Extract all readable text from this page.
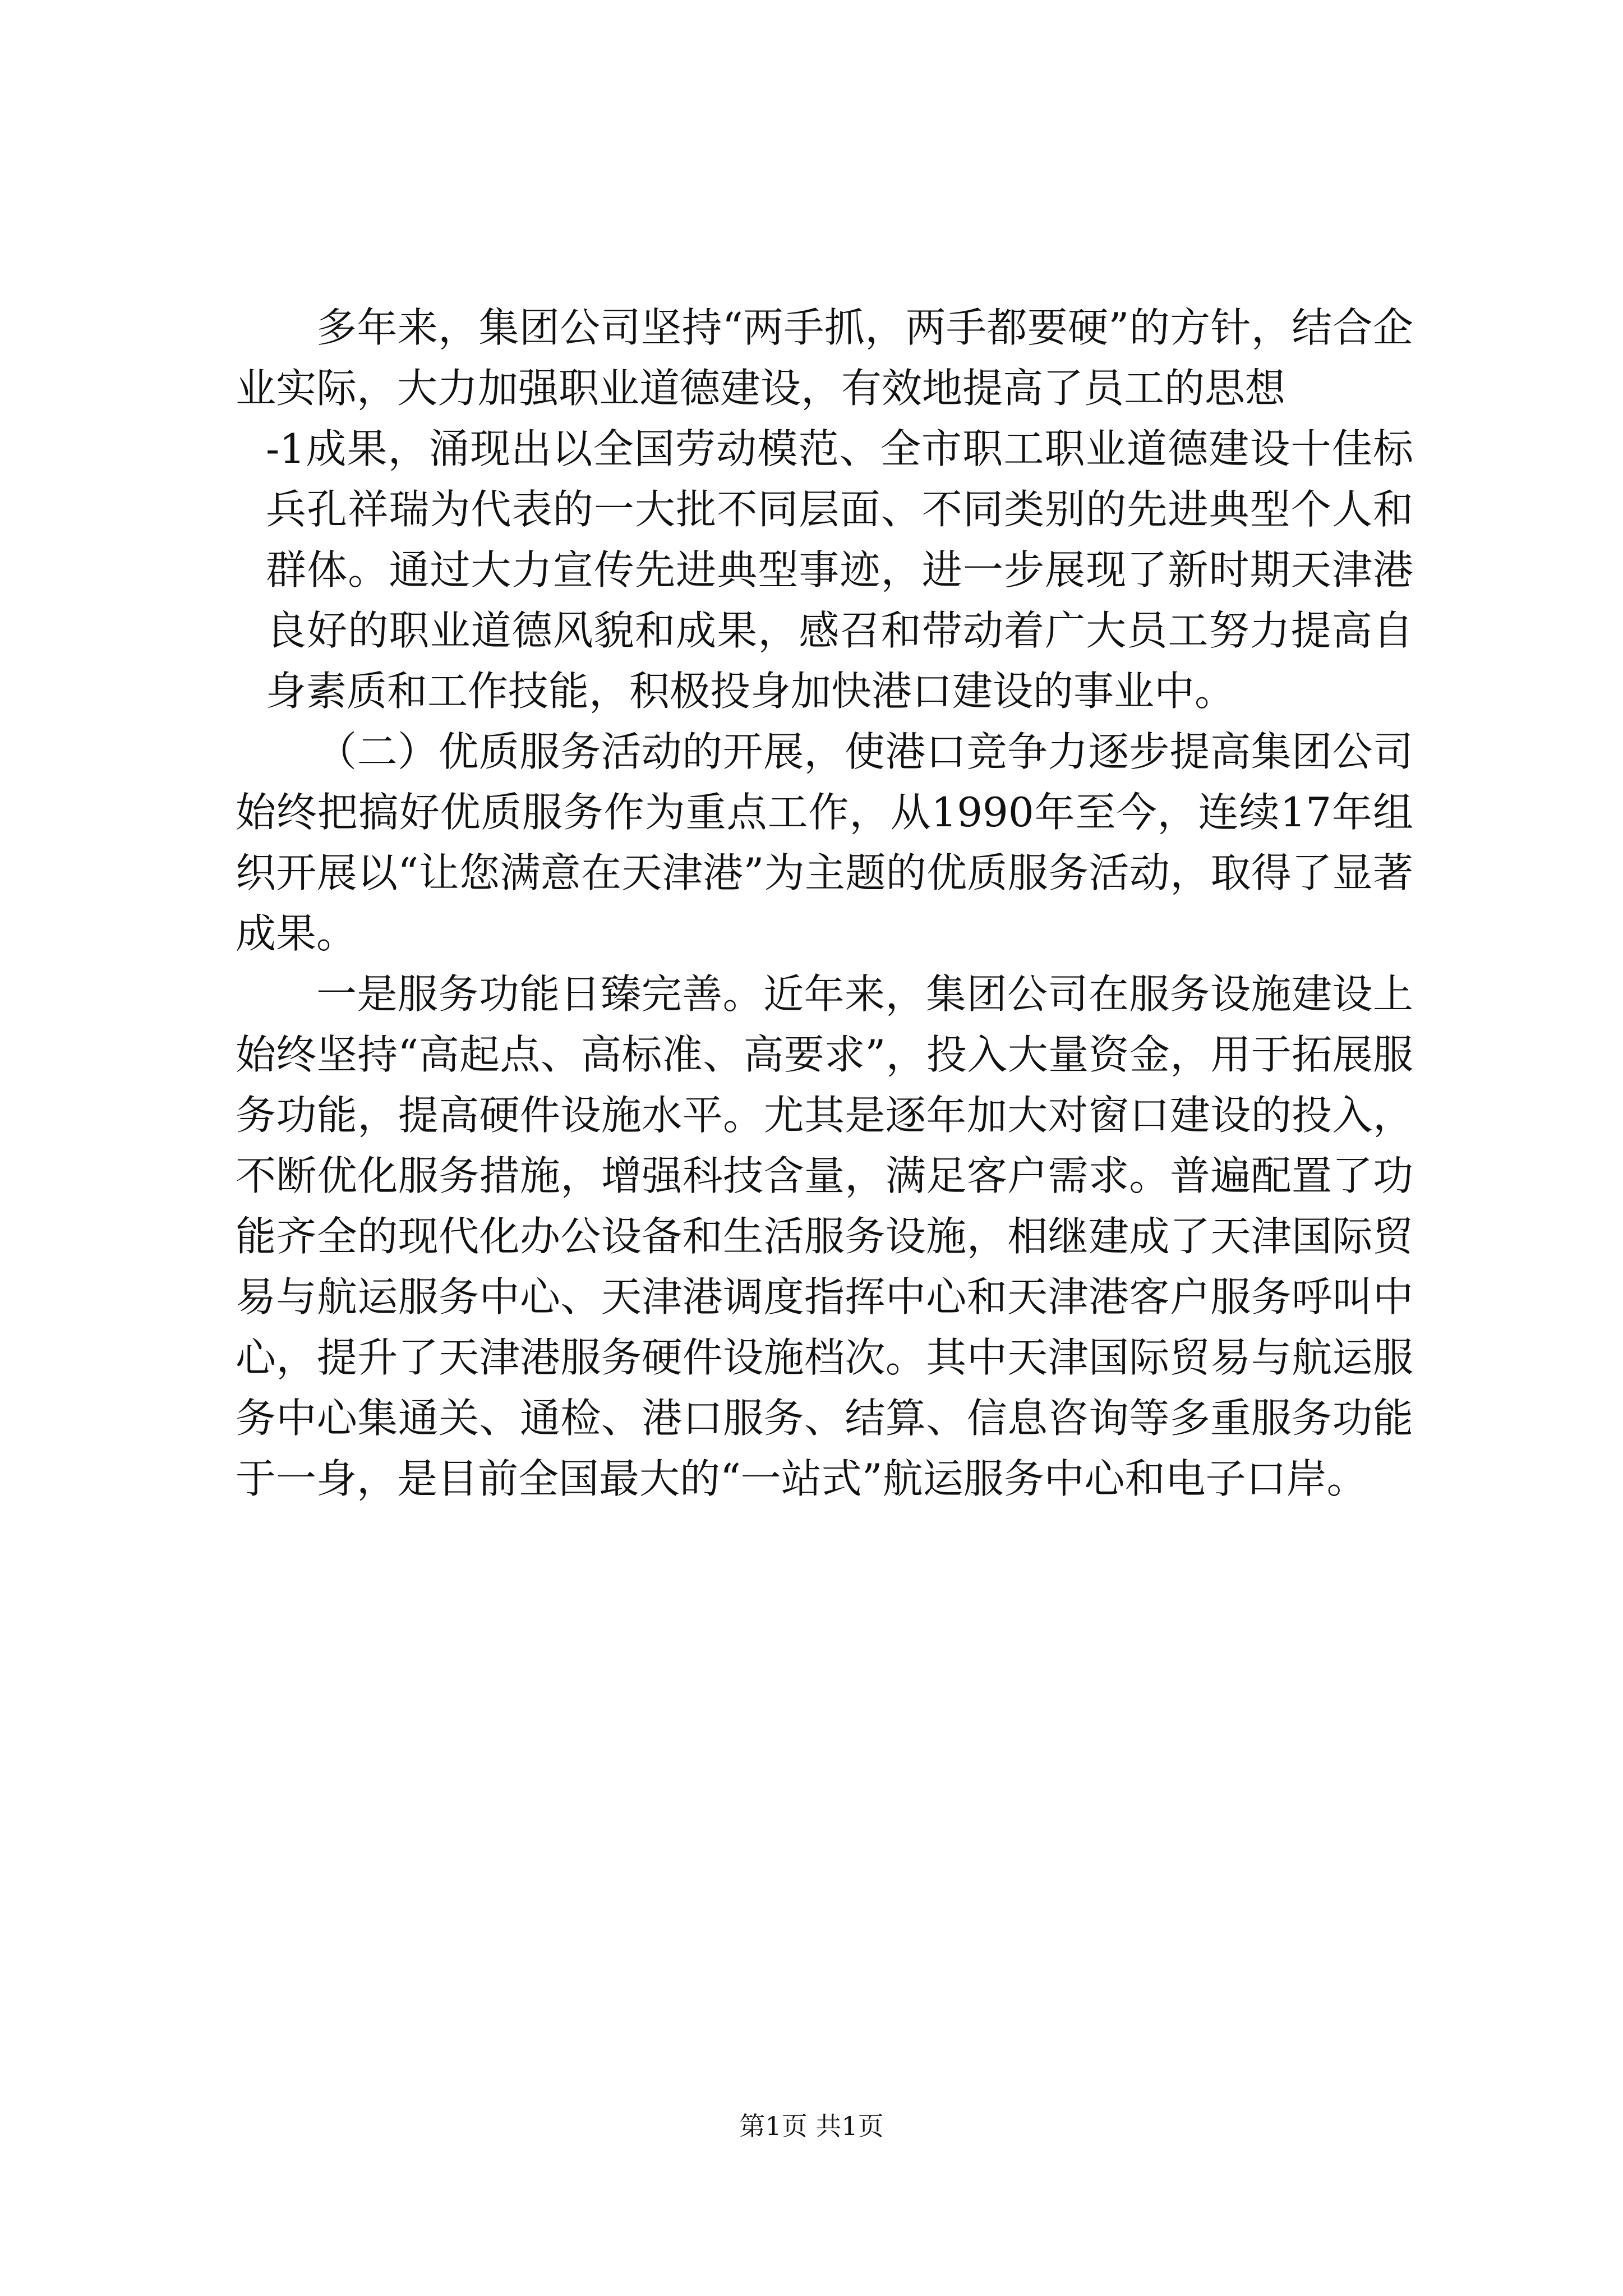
多年来，集团公司坚持“两手抓，两手都要硬”的方针，结合企业实际，大力加强职业道德建设，有效地提高了员工的思想

-1成果，涌现出以全国劳动模范、全市职工职业道德建设十佳标兵孔祥瑞为代表的一大批不同层面、不同类别的先进典型个人和群体。通过大力宣传先进典型事迹，进一步展现了新时期天津港良好的职业道德风貌和成果，感召和带动着广大员工努力提高自身素质和工作技能，积极投身加快港口建设的事业中。

（二）优质服务活动的开展，使港口竞争力逐步提高集团公司始终把搞好优质服务作为重点工作，从1990年至今，连续17年组织开展以“让您满意在天津港”为主题的优质服务活动，取得了显著成果。

一是服务功能日臻完善。近年来，集团公司在服务设施建设上始终坚持“高起点、高标准、高要求”，投入大量资金，用于拓展服务功能，提高硬件设施水平。尤其是逐年加大对窗口建设的投入，不断优化服务措施，增强科技含量，满足客户需求。普遍配置了功能齐全的现代化办公设备和生活服务设施，相继建成了天津国际贸易与航运服务中心、天津港调度指挥中心和天津港客户服务呼叫中心，提升了天津港服务硬件设施档次。其中天津国际贸易与航运服务中心集通关、通检、港口服务、结算、信息咨询等多重服务功能于一身，是目前全国最大的“一站式”航运服务中心和电子口岸。

第1页 共1页
